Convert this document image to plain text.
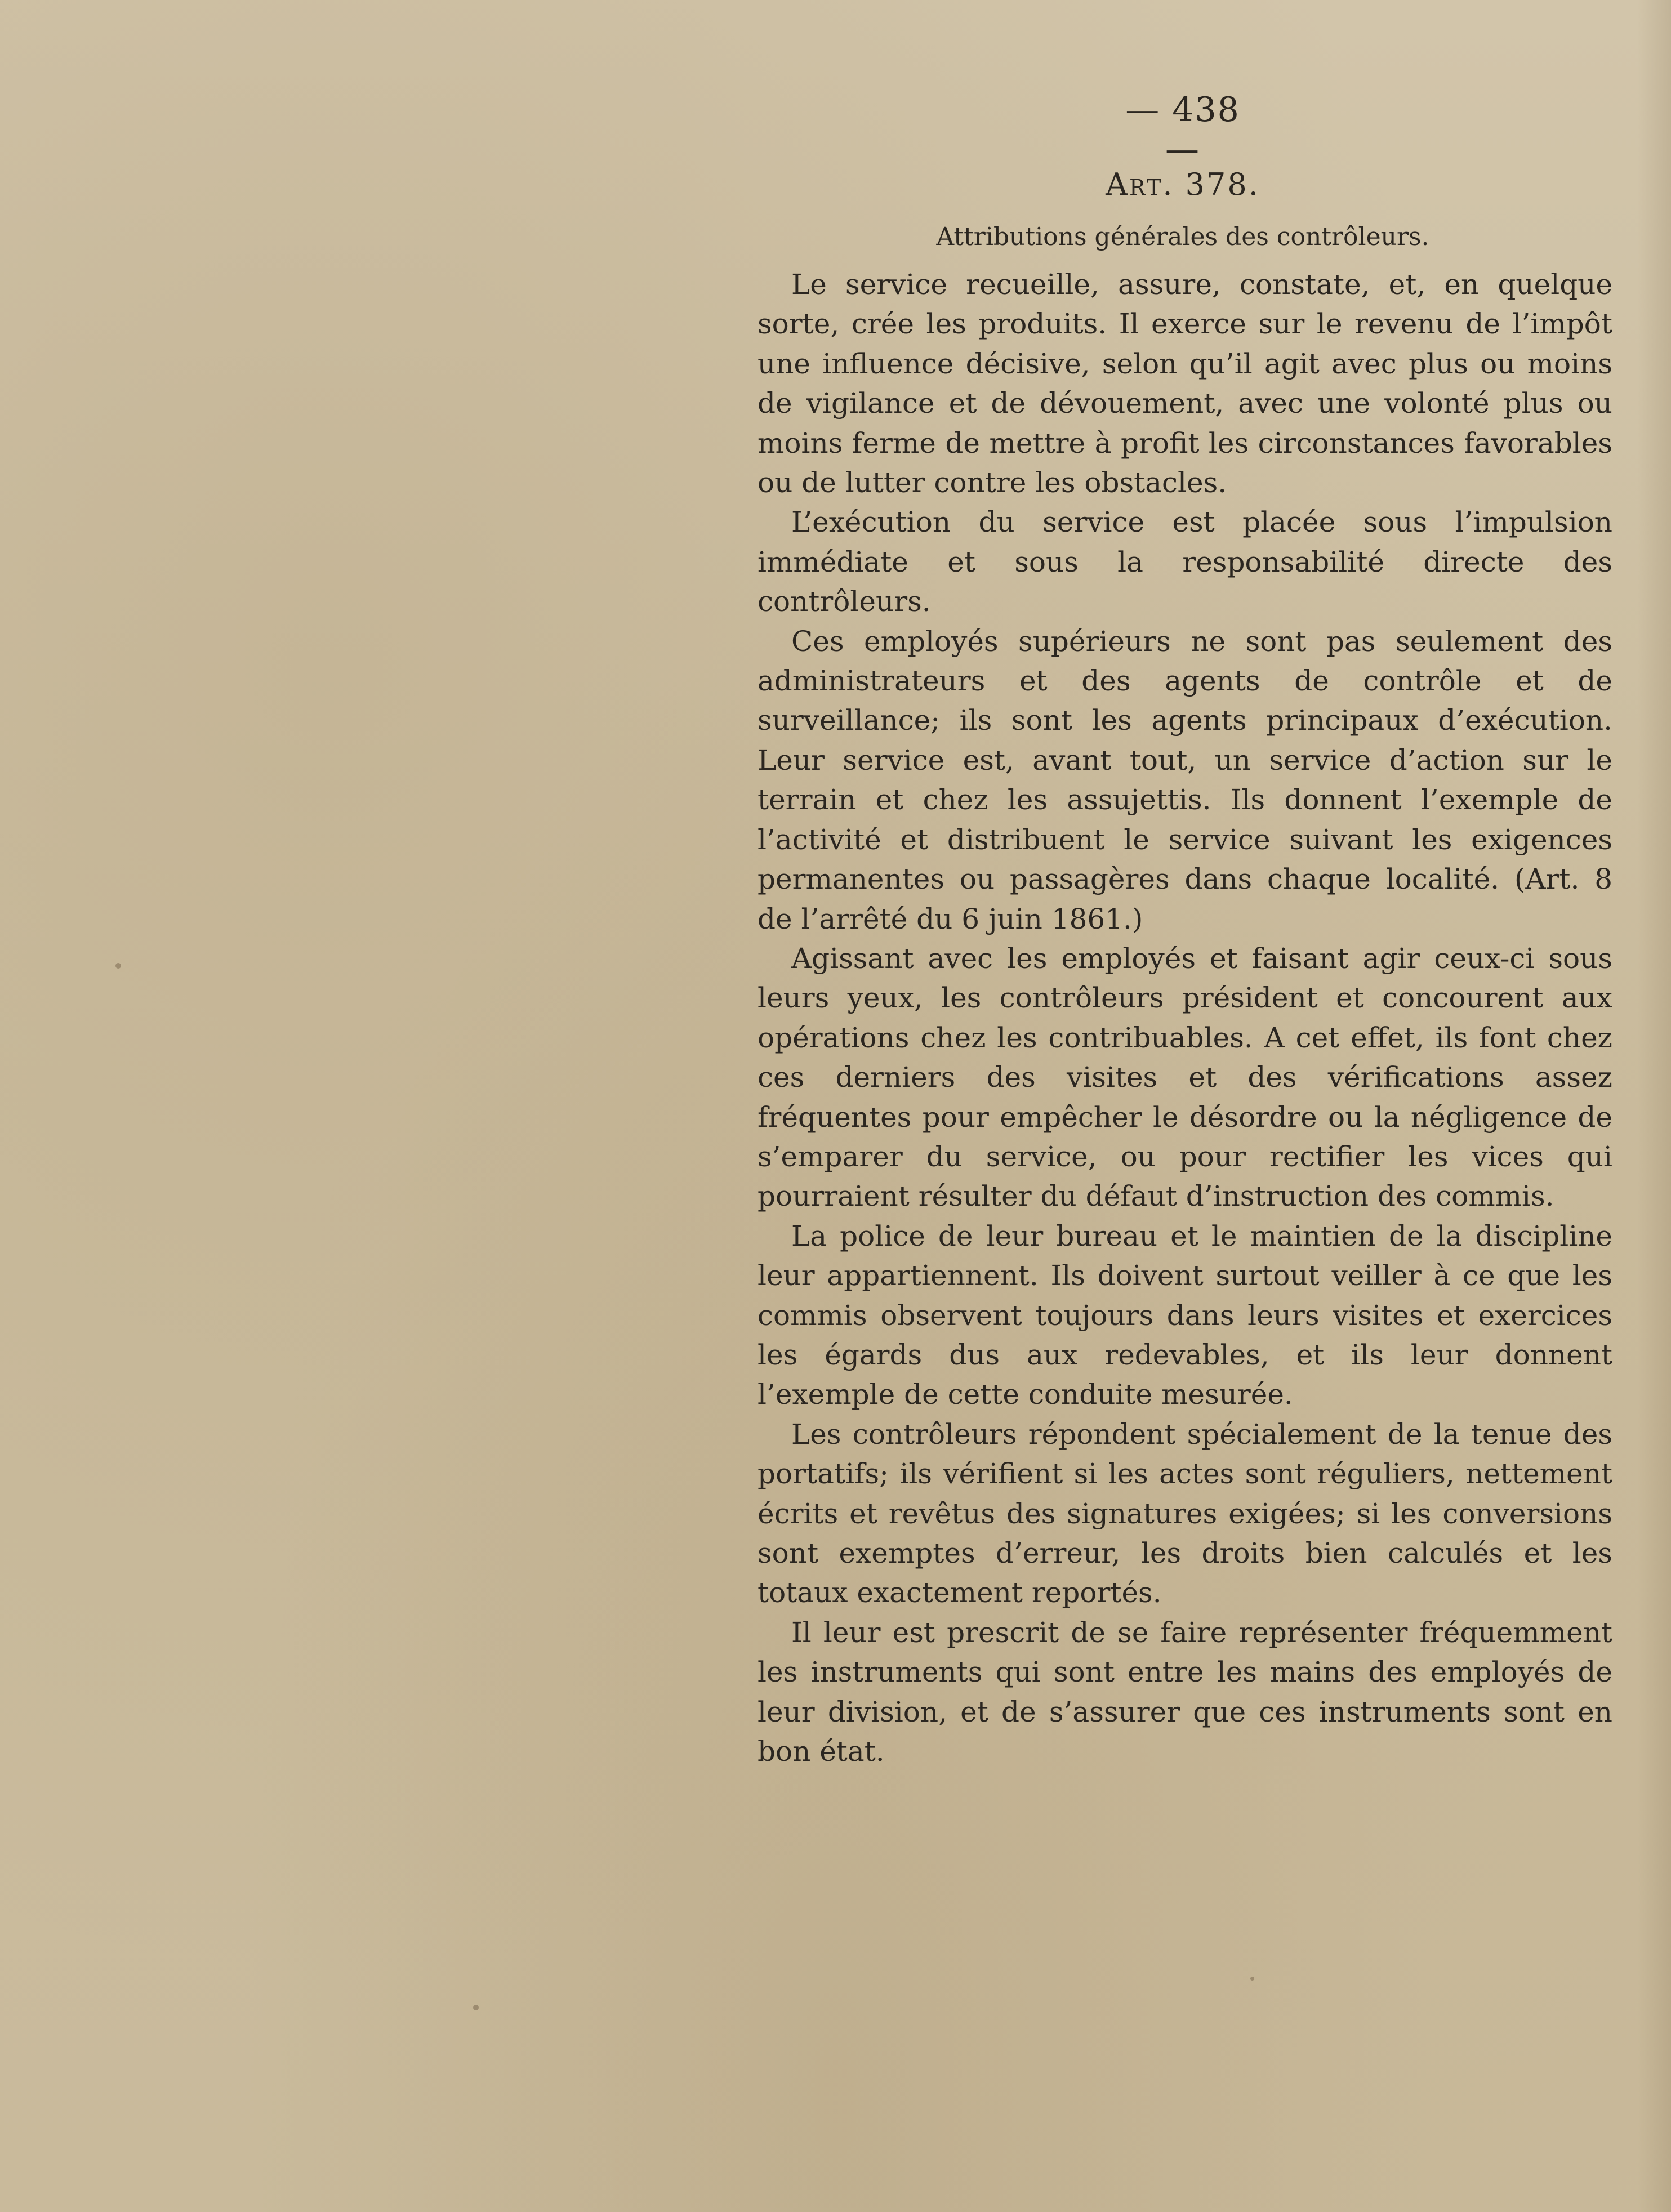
— 438 —
Art. 378.
Attributions générales des contrôleurs.

Le service recueille, assure, constate, et, en quelque sorte, crée les produits. Il exerce sur le revenu de l’impôt une influence décisive, selon qu’il agit avec plus ou moins de vigilance et de dévouement, avec une volonté plus ou moins ferme de mettre à profit les circonstances favorables ou de lutter contre les obstacles.

L’exécution du service est placée sous l’impulsion immédiate et sous la responsabilité directe des contrôleurs.

Ces employés supérieurs ne sont pas seulement des administrateurs et des agents de contrôle et de surveillance; ils sont les agents principaux d’exécution. Leur service est, avant tout, un service d’action sur le terrain et chez les assujettis. Ils donnent l’exemple de l’activité et distribuent le service suivant les exigences permanentes ou passagères dans chaque localité. (Art. 8 de l’arrêté du 6 juin 1861.)

Agissant avec les employés et faisant agir ceux-ci sous leurs yeux, les contrôleurs président et concourent aux opérations chez les contribuables. A cet effet, ils font chez ces derniers des visites et des vérifications assez fréquentes pour empêcher le désordre ou la négligence de s’emparer du service, ou pour rectifier les vices qui pourraient résulter du défaut d’instruction des commis.

La police de leur bureau et le maintien de la discipline leur appartiennent. Ils doivent surtout veiller à ce que les commis observent toujours dans leurs visites et exercices les égards dus aux redevables, et ils leur donnent l’exemple de cette conduite mesurée.

Les contrôleurs répondent spécialement de la tenue des portatifs; ils vérifient si les actes sont réguliers, nettement écrits et revêtus des signatures exigées; si les conversions sont exemptes d’erreur, les droits bien calculés et les totaux exactement reportés.

Il leur est prescrit de se faire représenter fréquemment les instruments qui sont entre les mains des employés de leur division, et de s’assurer que ces instruments sont en bon état.
